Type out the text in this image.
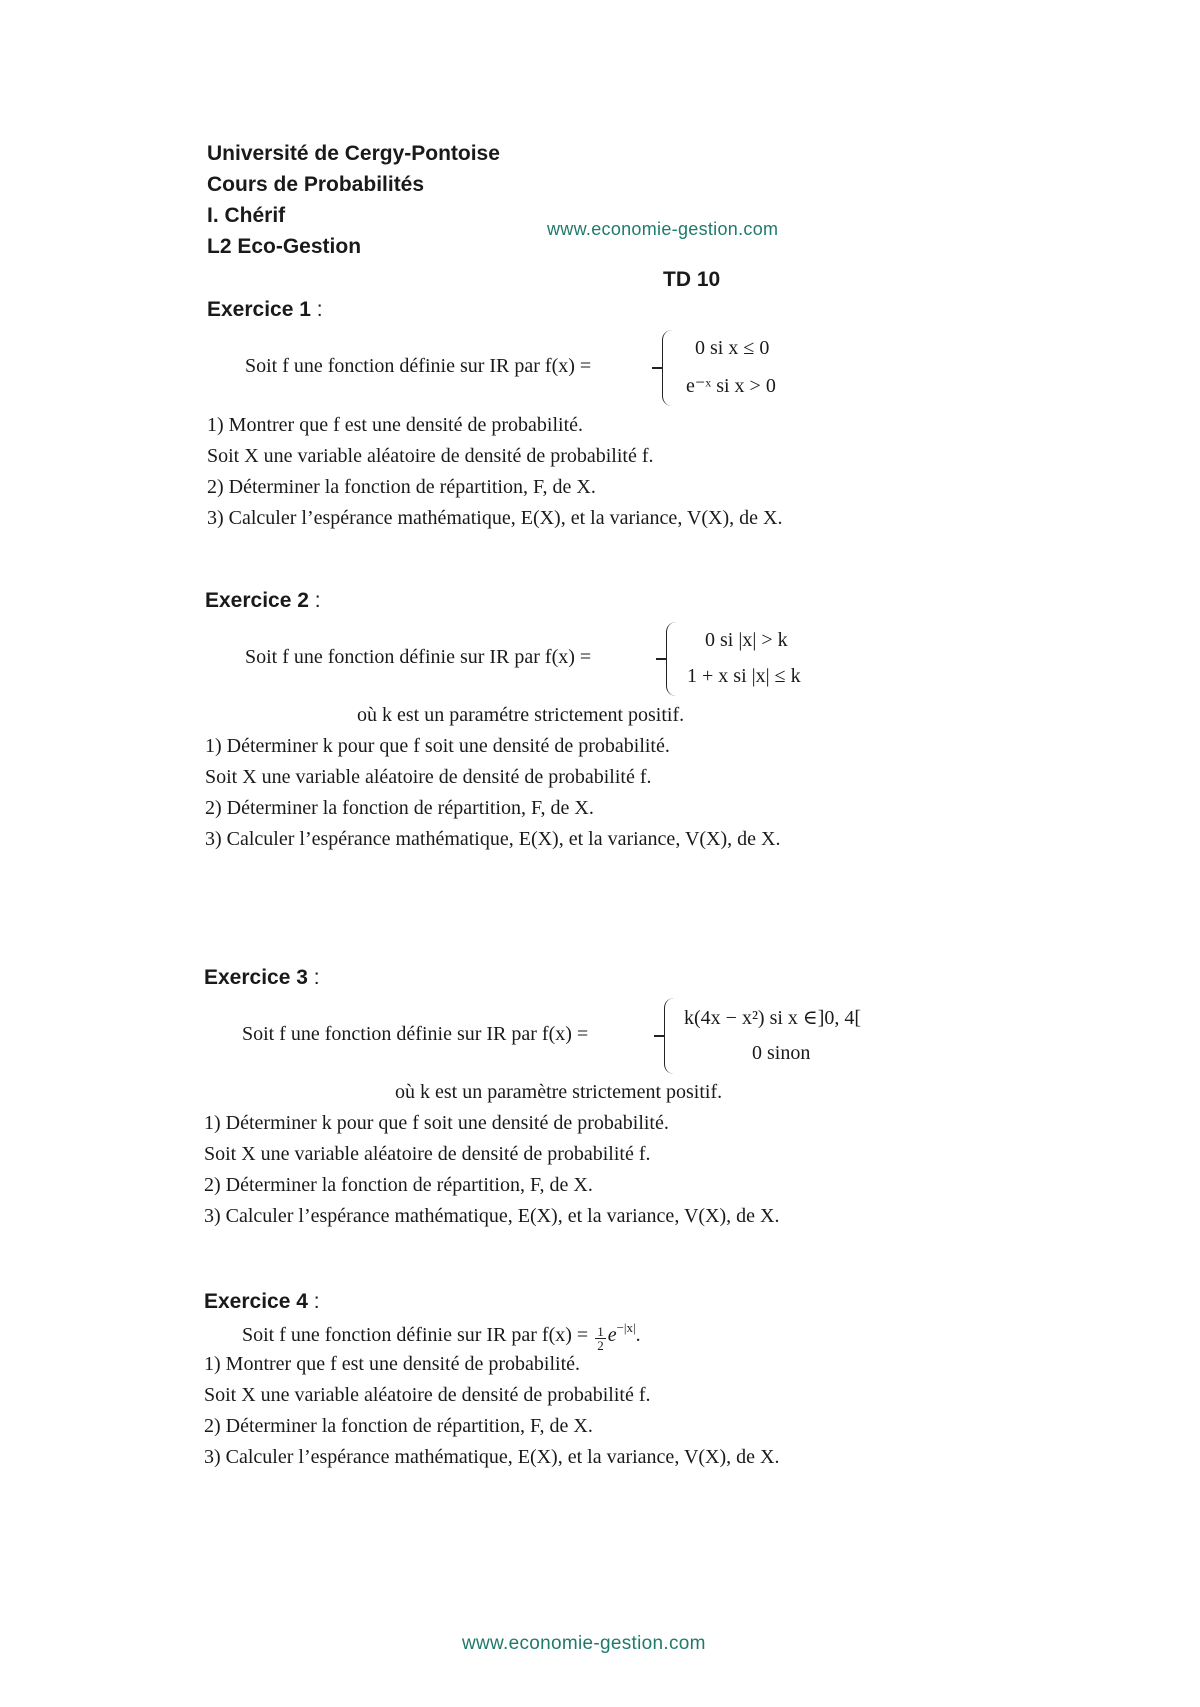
Université de Cergy-Pontoise
Cours de Probabilités
I. Chérif
L2 Eco-Gestion
www.economie-gestion.com
TD 10
Exercice 1 :
Soit f une fonction définie sur IR par f(x) =
0 si x ≤ 0
e⁻ˣ si x > 0
1) Montrer que f est une densité de probabilité.
Soit X une variable aléatoire de densité de probabilité f.
2) Déterminer la fonction de répartition, F, de X.
3) Calculer l’espérance mathématique, E(X), et la variance, V(X), de X.
Exercice 2 :
Soit f une fonction définie sur IR par f(x) =
0 si |x| > k
1 + x si |x| ≤ k
où k est un paramétre strictement positif.
1) Déterminer k pour que f soit une densité de probabilité.
Soit X une variable aléatoire de densité de probabilité f.
2) Déterminer la fonction de répartition, F, de X.
3) Calculer l’espérance mathématique, E(X), et la variance, V(X), de X.
Exercice 3 :
Soit f une fonction définie sur IR par f(x) =
k(4x − x²) si x ∈]0, 4[
0 sinon
où k est un paramètre strictement positif.
1) Déterminer k pour que f soit une densité de probabilité.
Soit X une variable aléatoire de densité de probabilité f.
2) Déterminer la fonction de répartition, F, de X.
3) Calculer l’espérance mathématique, E(X), et la variance, V(X), de X.
Exercice 4 :
Soit f une fonction définie sur IR par $f(x) = \frac{1}{2} e^{-|x|}$.
1) Montrer que f est une densité de probabilité.
Soit X une variable aléatoire de densité de probabilité f.
2) Déterminer la fonction de répartition, F, de X.
3) Calculer l’espérance mathématique, E(X), et la variance, V(X), de X.
www.economie-gestion.com
